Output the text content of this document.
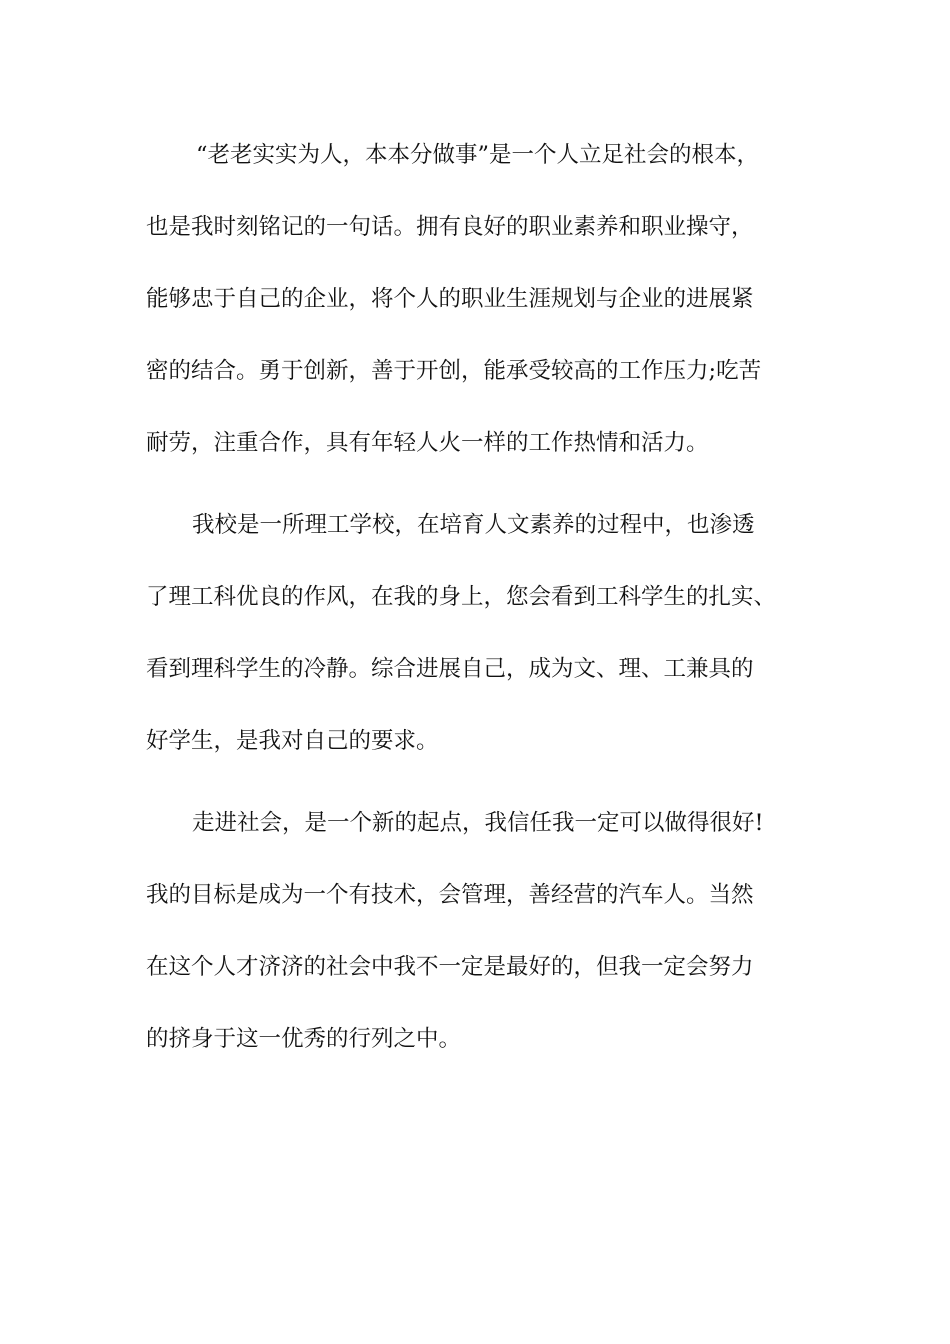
“老老实实为人，本本分做事”是一个人立足社会的根本，

也是我时刻铭记的一句话。拥有良好的职业素养和职业操守，

能够忠于自己的企业，将个人的职业生涯规划与企业的进展紧

密的结合。勇于创新，善于开创，能承受较高的工作压力;吃苦

耐劳，注重合作，具有年轻人火一样的工作热情和活力。

我校是一所理工学校，在培育人文素养的过程中，也渗透

了理工科优良的作风，在我的身上，您会看到工科学生的扎实、

看到理科学生的冷静。综合进展自己，成为文、理、工兼具的

好学生，是我对自己的要求。

走进社会，是一个新的起点，我信任我一定可以做得很好!

我的目标是成为一个有技术，会管理，善经营的汽车人。当然

在这个人才济济的社会中我不一定是最好的，但我一定会努力

的挤身于这一优秀的行列之中。
